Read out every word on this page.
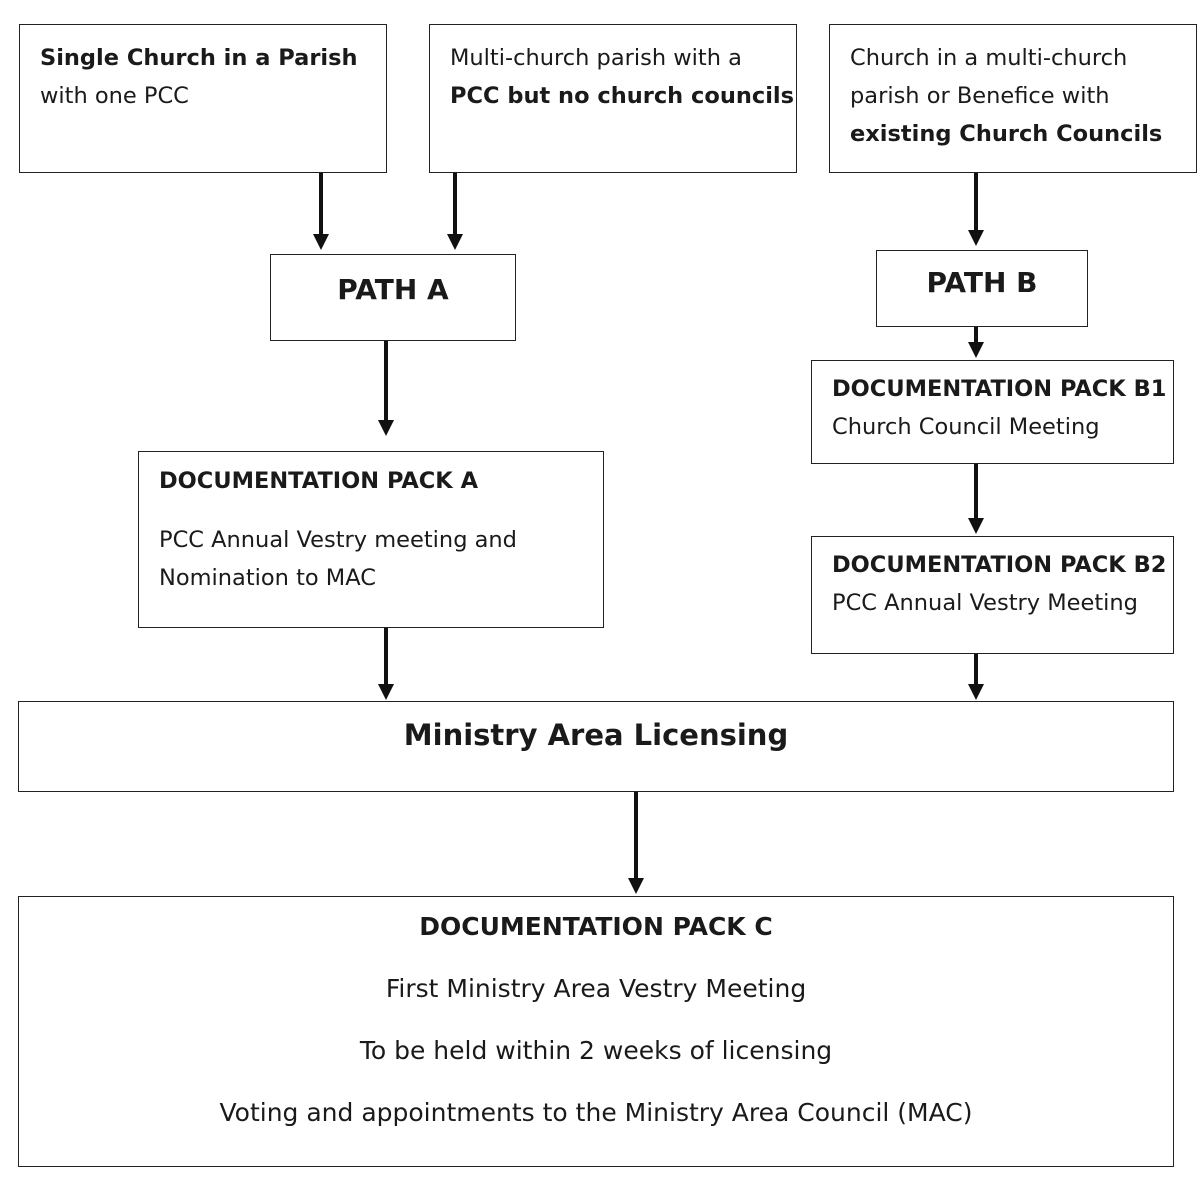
Single Church in a Parish
with one PCC
Multi-church parish with a
PCC but no church councils
Church in a multi-church
parish or Benefice with
existing Church Councils
PATH A	PATH B
DOCUMENTATION PACK B1
Church Council Meeting
DOCUMENTATION PACK A
PCC Annual Vestry meeting and
Nomination to MAC	DOCUMENTATION PACK B2
PCC Annual Vestry Meeting
Ministry Area Licensing
DOCUMENTATION PACK C
First Ministry Area Vestry Meeting
To be held within 2 weeks of licensing
Voting and appointments to the Ministry Area Council (MAC)
